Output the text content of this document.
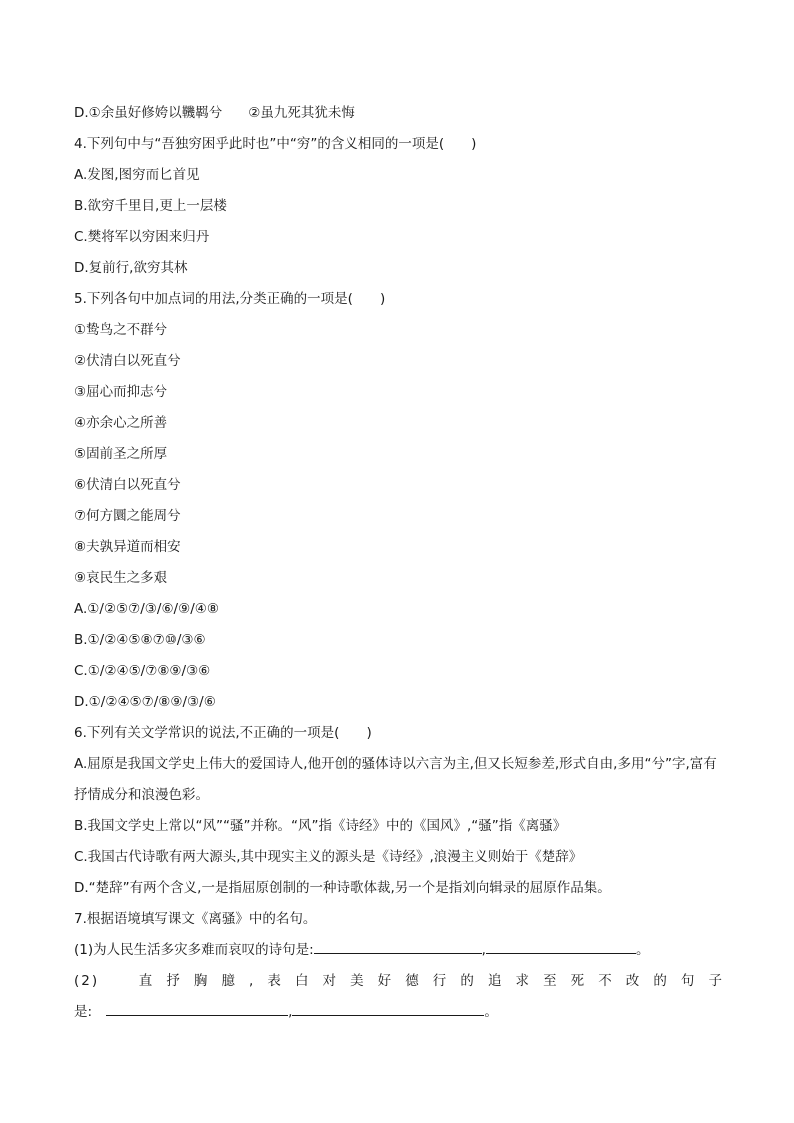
D.①余虽好修姱以鞿羁兮 ②虽九死其犹未悔
4.下列句中与“吾独穷困乎此时也”中“穷”的含义相同的一项是(　　)
A.发图,图穷而匕首见
B.欲穷千里目,更上一层楼
C.樊将军以穷困来归丹
D.复前行,欲穷其林
5.下列各句中加点词的用法,分类正确的一项是(　　)
①鸷鸟之不群兮
②伏清白以死直兮
③屈心而抑志兮
④亦余心之所善
⑤固前圣之所厚
⑥伏清白以死直兮
⑦何方圜之能周兮
⑧夫孰异道而相安
⑨哀民生之多艰
A.①/②⑤⑦/③/⑥/⑨/④⑧
B.①/②④⑤⑧⑦⑩/③⑥
C.①/②④⑤/⑦⑧⑨/③⑥
D.①/②④⑤⑦/⑧⑨/③/⑥
6.下列有关文学常识的说法,不正确的一项是(　　)
A.屈原是我国文学史上伟大的爱国诗人,他开创的骚体诗以六言为主,但又长短参差,形式自由,多用“兮”字,富有抒情成分和浪漫色彩。
B.我国文学史上常以“风”“骚”并称。“风”指《诗经》中的《国风》,“骚”指《离骚》
C.我国古代诗歌有两大源头,其中现实主义的源头是《诗经》,浪漫主义则始于《楚辞》
D.“楚辞”有两个含义,一是指屈原创制的一种诗歌体裁,另一个是指刘向辑录的屈原作品集。
7.根据语境填写课文《离骚》中的名句。
(1)为人民生活多灾多难而哀叹的诗句是:	,	。
(2)　直抒胸臆,表白对美好德行的追求至死不改的句子
是:	,	。
